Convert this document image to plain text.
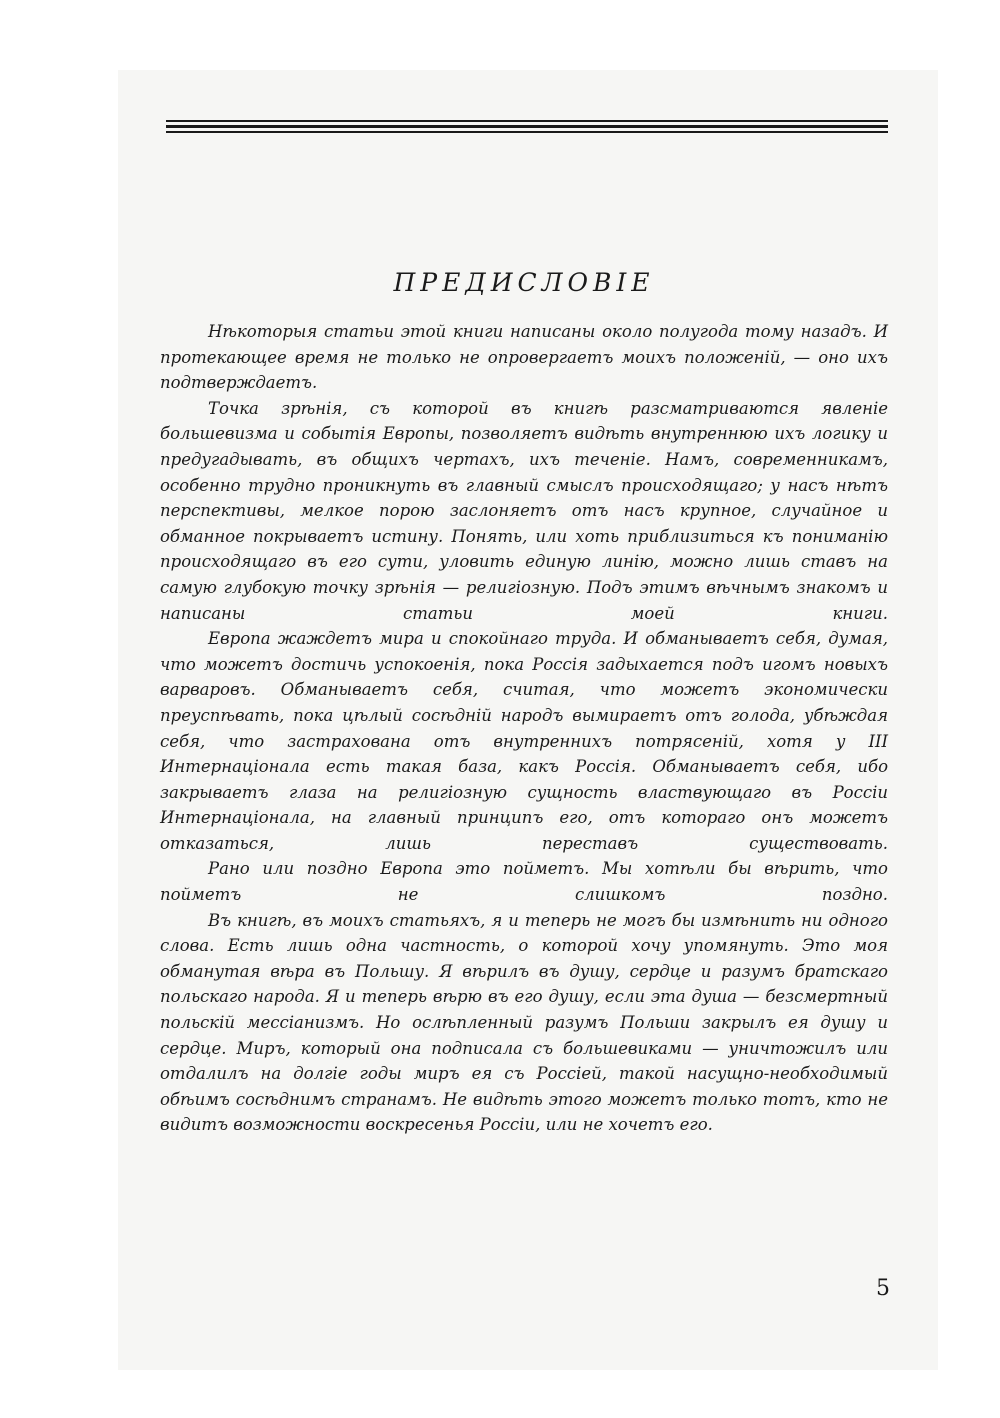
ПРЕДИСЛОВІЕ

Нѣкоторыя статьи этой книги написаны около полугода тому назадъ. И протекающее время не только не опровергаетъ моихъ положеній, — оно ихъ подтверждаетъ.

Точка зрѣнія, съ которой въ книгѣ разсматриваются явленіе большевизма и событія Европы, позволяетъ видѣть внутреннюю ихъ логику и предугадывать, въ общихъ чертахъ, ихъ теченіе. Намъ, современникамъ, особенно трудно проникнуть въ главный смыслъ происходящаго; у насъ нѣтъ перспективы, мелкое порою заслоняетъ отъ насъ крупное, случайное и обманное покрываетъ истину. Понять, или хоть приблизиться къ пониманію происходящаго въ его сути, уловить единую линію, можно лишь ставъ на самую глубокую точку зрѣнія — религіозную. Подъ этимъ вѣчнымъ знакомъ и написаны статьи моей книги.

Европа жаждетъ мира и спокойнаго труда. И обманываетъ себя, думая, что можетъ достичь успокоенія, пока Россія задыхается подъ игомъ новыхъ варваровъ. Обманываетъ себя, считая, что можетъ экономически преуспѣвать, пока цѣлый сосѣдній народъ вымираетъ отъ голода, убѣждая себя, что застрахована отъ внутреннихъ потрясеній, хотя у III Интернаціонала есть такая база, какъ Россія. Обманываетъ себя, ибо закрываетъ глаза на религіозную сущность властвующаго въ Россіи Интернаціонала, на главный принципъ его, отъ котораго онъ можетъ отказаться, лишь переставъ существовать.

Рано или поздно Европа это пойметъ. Мы хотѣли бы вѣрить, что пойметъ не слишкомъ поздно.

Въ книгѣ, въ моихъ статьяхъ, я и теперь не могъ бы измѣнить ни одного слова. Есть лишь одна частность, о которой хочу упомянуть. Это моя обманутая вѣра въ Польшу. Я вѣрилъ въ душу, сердце и разумъ братскаго польскаго народа. Я и теперь вѣрю въ его душу, если эта душа — безсмертный польскій мессіанизмъ. Но ослѣпленный разумъ Польши закрылъ ея душу и сердце. Миръ, который она подписала съ большевиками — уничтожилъ или отдалилъ на долгіе годы миръ ея съ Россіей, такой насущно-необходимый обѣимъ сосѣднимъ странамъ. Не видѣть этого можетъ только тотъ, кто не видитъ возможности воскресенья Россіи, или не хочетъ его.

5
